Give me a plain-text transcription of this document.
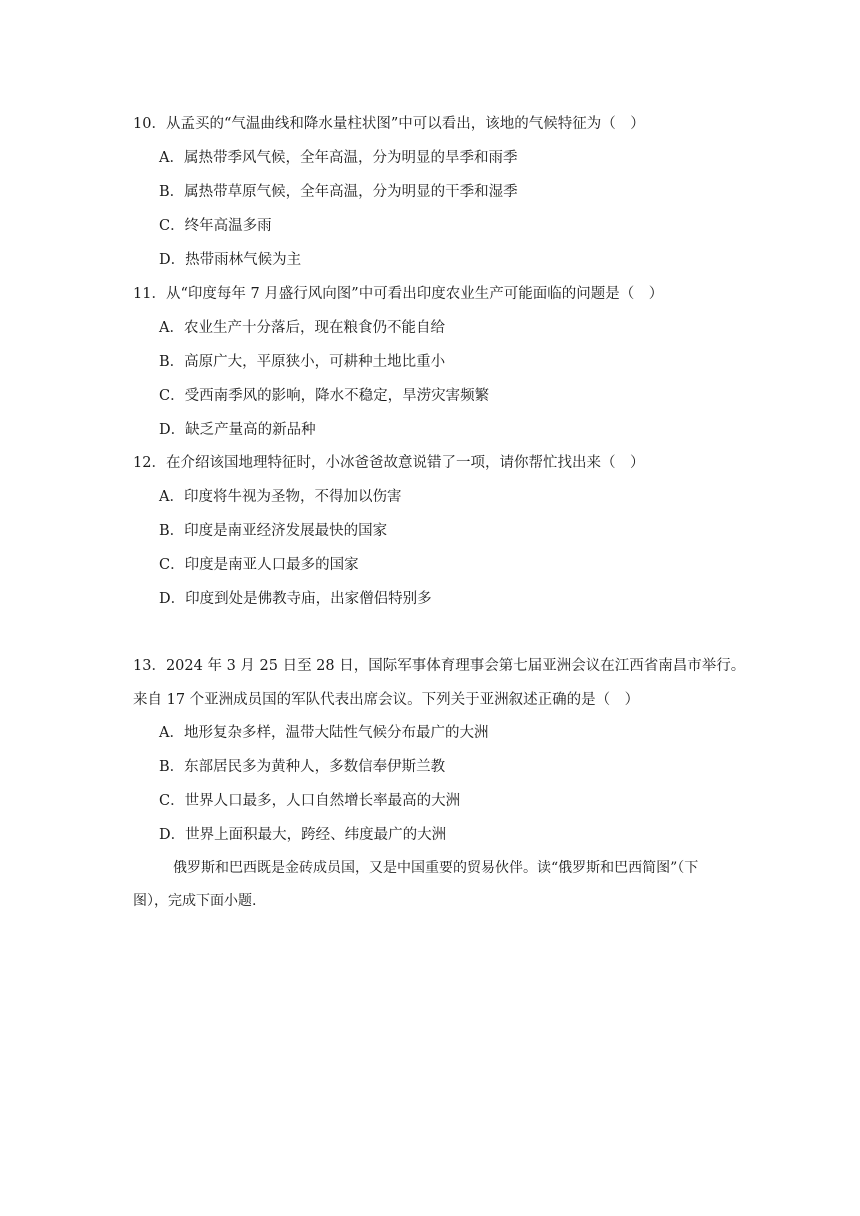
10．从孟买的“气温曲线和降水量柱状图”中可以看出，该地的气候特征为（　）
A．属热带季风气候，全年高温，分为明显的旱季和雨季
B．属热带草原气候，全年高温，分为明显的干季和湿季
C．终年高温多雨
D．热带雨林气候为主
11．从“印度每年 7 月盛行风向图”中可看出印度农业生产可能面临的问题是（　）
A．农业生产十分落后，现在粮食仍不能自给
B．高原广大，平原狭小，可耕种土地比重小
C．受西南季风的影响，降水不稳定，旱涝灾害频繁
D．缺乏产量高的新品种
12．在介绍该国地理特征时，小冰爸爸故意说错了一项，请你帮忙找出来（　）
A．印度将牛视为圣物，不得加以伤害
B．印度是南亚经济发展最快的国家
C．印度是南亚人口最多的国家
D．印度到处是佛教寺庙，出家僧侣特别多
13．2024 年 3 月 25 日至 28 日，国际军事体育理事会第七届亚洲会议在江西省南昌市举行。
来自 17 个亚洲成员国的军队代表出席会议。下列关于亚洲叙述正确的是（　）
A．地形复杂多样，温带大陆性气候分布最广的大洲
B．东部居民多为黄种人，多数信奉伊斯兰教
C．世界人口最多，人口自然增长率最高的大洲
D．世界上面积最大，跨经、纬度最广的大洲
俄罗斯和巴西既是金砖成员国，又是中国重要的贸易伙伴。读“俄罗斯和巴西简图”（下
图），完成下面小题.
